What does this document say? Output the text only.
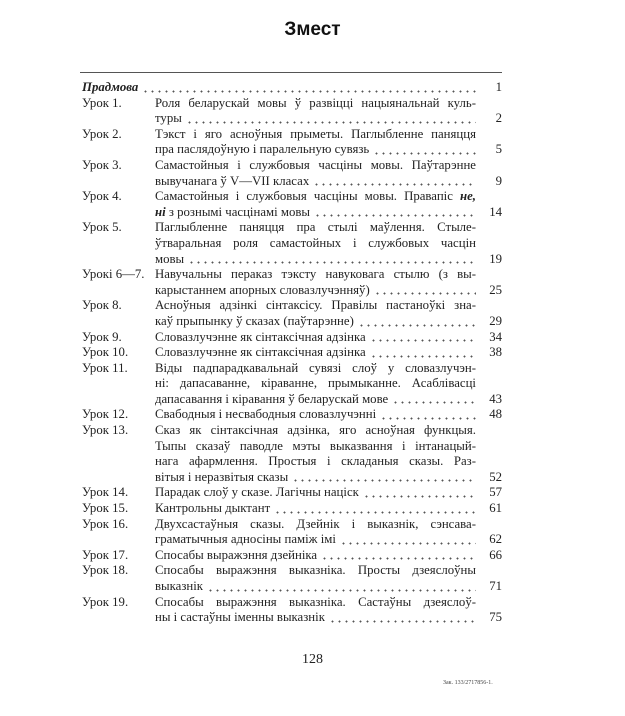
Змест
Прадмова	1
Урок 1.	Роля беларускай мовы ў развіцці нацыянальнай куль-
туры	2
Урок 2.	Тэкст і яго асноўныя прыметы. Паглыбленне паняцця
пра паслядоўную і паралельную сувязь	5
Урок 3.	Самастойныя і службовыя часціны мовы. Паўтарэнне
вывучанага ў V—VII класах	9
Урок 4.	Самастойныя і службовыя часціны мовы. Правапіс не,
ні з рознымі часцінамі мовы	14
Урок 5.	Паглыбленне паняцця пра стылі маўлення. Стыле-
ўтваральная роля самастойных і службовых часцін
мовы	19
Урокі 6—7. Навучальны пераказ тэксту навуковага стылю (з вы-
карыстаннем апорных словазлучэнняў)	25
Урок 8.	Асноўныя адзінкі сінтаксісу. Правілы пастаноўкі зна-
каў прыпынку ў сказах (паўтарэнне)	29
Урок 9.	Словазлучэнне як сінтаксічная адзінка	34
Урок 10.	Словазлучэнне як сінтаксічная адзінка	38
Урок 11.	Віды падпарадкавальнай сувязі слоў у словазлучэн-
ні: дапасаванне, кіраванне, прымыканне. Асаблівасці
дапасавання і кіравання ў беларускай мове	43
Урок 12.	Свабодныя і несвабодныя словазлучэнні	48
Урок 13.	Сказ як сінтаксічная адзінка, яго асноўная функцыя.
Тыпы сказаў паводле мэты выказвання і інтанацый-
нага афармлення. Простыя і складаныя сказы. Раз-
вітыя і неразвітыя сказы	52
Урок 14.	Парадак слоў у сказе. Лагічны націск	57
Урок 15.	Кантрольны дыктант	61
Урок 16.	Двухсастаўныя сказы. Дзейнік і выказнік, сэнсава-
граматычныя адносіны паміж імі	62
Урок 17.	Спосабы выражэння дзейніка	66
Урок 18.	Спосабы выражэння выказніка. Просты дзеяслоўны
выказнік	71
Урок 19.	Спосабы выражэння выказніка. Састаўны дзеяслоў-
ны і састаўны іменны выказнік	75
128
Зак. 133/2717856-1.
